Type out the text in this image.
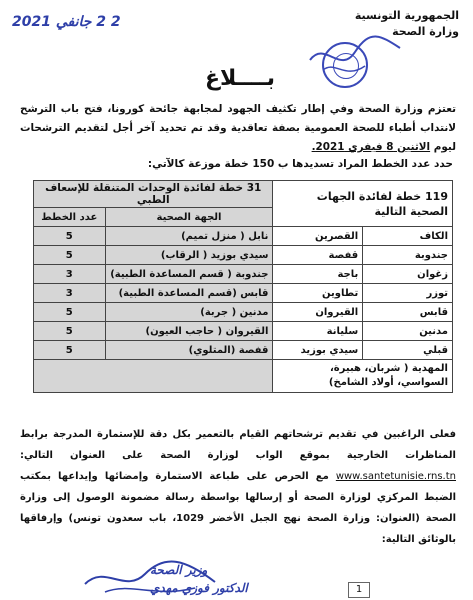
2 2 جانفي 2021	الجمهورية التونسية
وزارة الصحة
بــــلاغ
تعتزم وزارة الصحة وفي إطار تكثيف الجهود لمجابهة جائحة كورونا، فتح باب الترشح لانتداب أطباء للصحة العمومية بصفة تعاقدية وقد تم تحديد آخر أجل لتقديم الترشحات ليوم الاثنين 8 فيفري 2021.
حدد عدد الخطط المراد تسديدها ب 150 خطة موزعة كالآتي:
119 خطة لفائدة الجهات الصحية التالية		31 خطة لفائدة الوحدات المتنقلة للإسعاف الطبي	
		الجهة الصحية	عدد الخطط
الكاف	القصرين	نابل ( منزل تميم)	5
جندوبة	قفصة	سيدي بوزيد ( الرقاب)	5
زغوان	باجة	جندوبة ( قسم المساعدة الطبية)	3
توزر	تطاوين	قابس (قسم المساعدة الطبية)	3
قابس	القيروان	مدنين ( جربة)	5
مدنين	سليانة	القيروان ( حاجب العيون)	5
قبلي	سيدي بوزيد	قفصة (المتلوي)	5
المهدية ( شربان، هبيرة، السواسي، أولاد الشامخ)			
فعلى الراغبين في تقديم ترشحاتهم القيام بالتعمير بكل دقة للإستمارة المدرجة برابط المناظرات الخارجية بموقع الواب لوزارة الصحة على العنوان التالي: www.santetunisie.rns.tn مع الحرص على طباعة الاستمارة وإمضائها وإيداعها بمكتب الضبط المركزي لوزارة الصحة أو إرسالها بواسطة رسالة مضمونة الوصول إلى وزارة الصحة (العنوان: وزارة الصحة نهج الجبل الأخضر 1029، باب سعدون تونس) وإرفاقها بالوثائق التالية:
وزير الصحة
الدكتور فوزي مهدي	1
